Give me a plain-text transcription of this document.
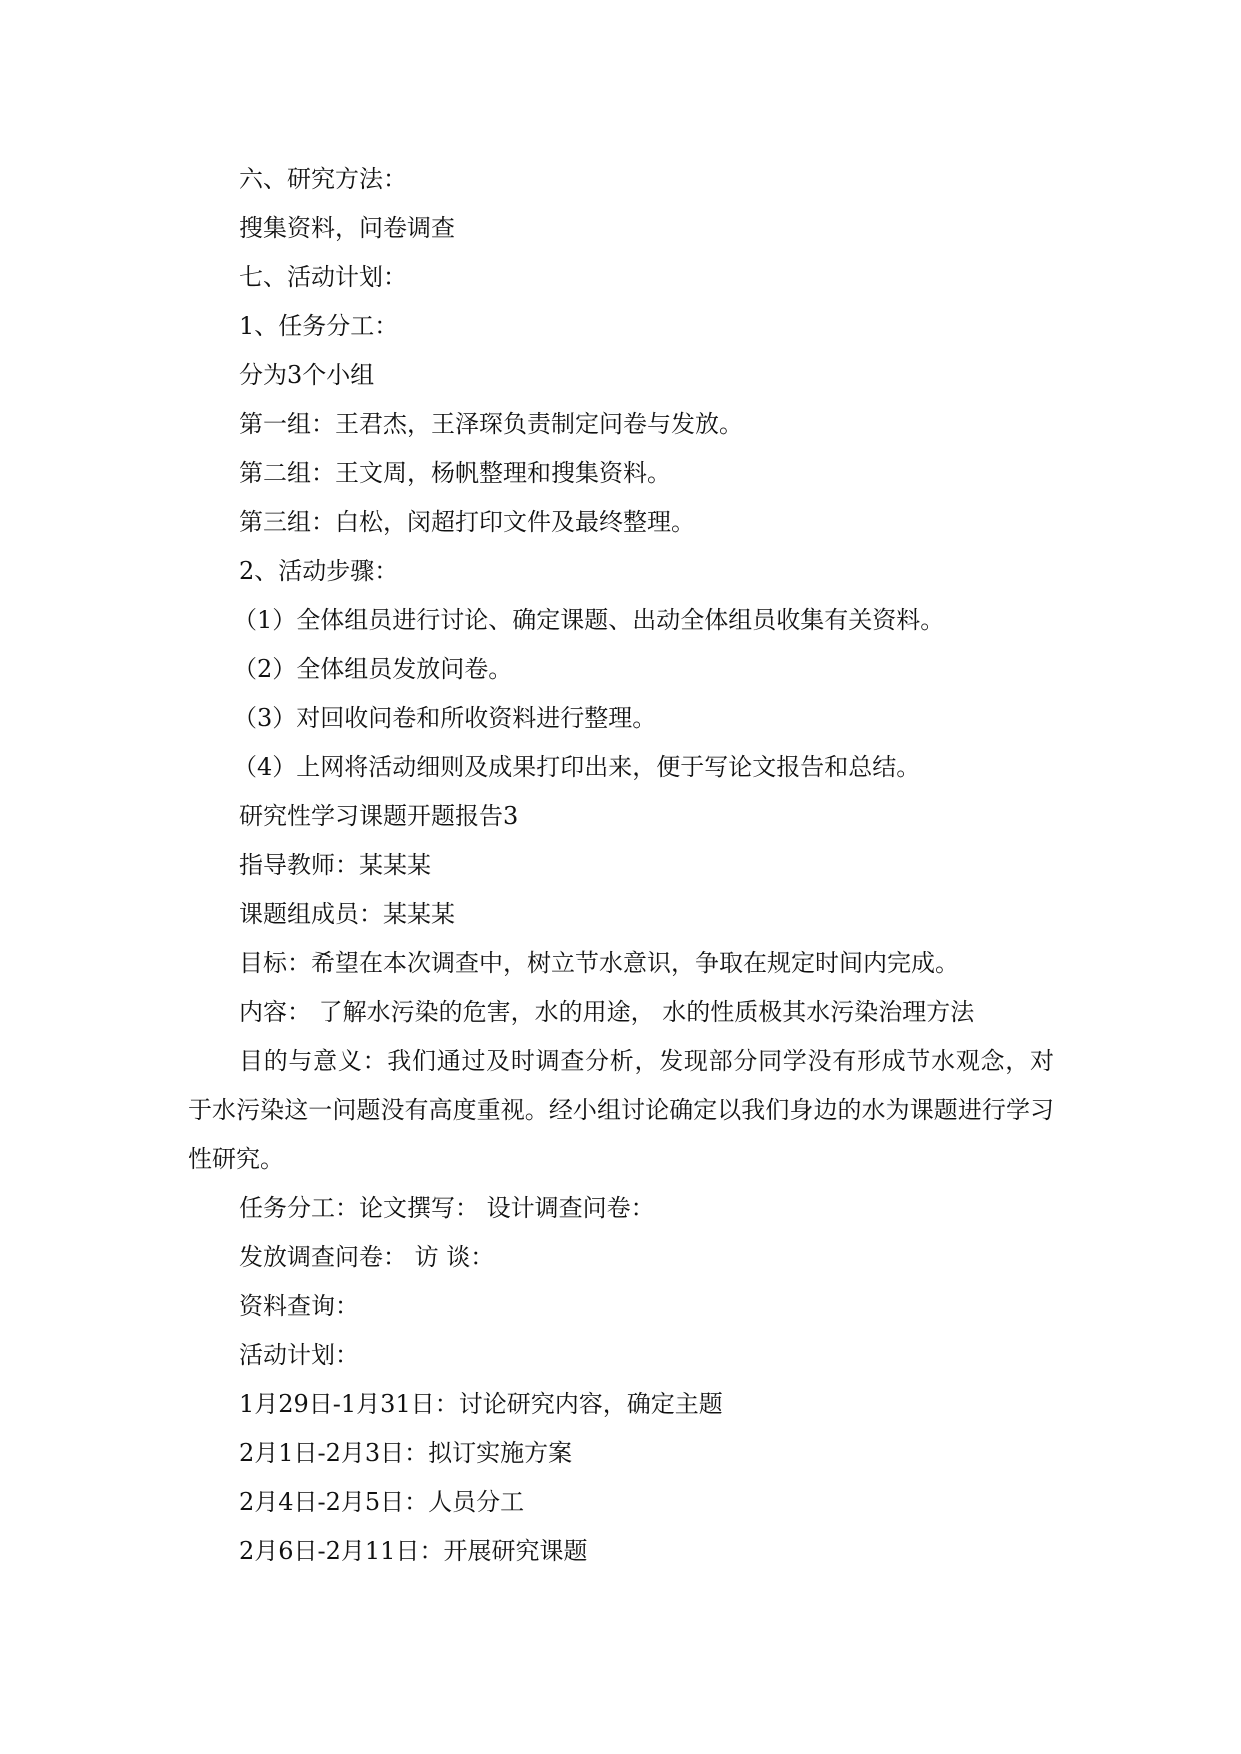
六、研究方法：

搜集资料，问卷调查

七、活动计划：

1、任务分工：

分为3个小组

第一组：王君杰，王泽琛负责制定问卷与发放。

第二组：王文周，杨帆整理和搜集资料。

第三组：白松，闵超打印文件及最终整理。

2、活动步骤：

（1）全体组员进行讨论、确定课题、出动全体组员收集有关资料。

（2）全体组员发放问卷。

（3）对回收问卷和所收资料进行整理。

（4）上网将活动细则及成果打印出来，便于写论文报告和总结。

研究性学习课题开题报告3

指导教师：某某某

课题组成员：某某某

目标：希望在本次调查中，树立节水意识，争取在规定时间内完成。

内容： 了解水污染的危害，水的用途， 水的性质极其水污染治理方法

目的与意义：我们通过及时调查分析，发现部分同学没有形成节水观念，对于水污染这一问题没有高度重视。经小组讨论确定以我们身边的水为课题进行学习性研究。

任务分工：论文撰写： 设计调查问卷：

发放调查问卷： 访 谈：

资料查询：

活动计划：

1月29日-1月31日：讨论研究内容，确定主题

2月1日-2月3日：拟订实施方案

2月4日-2月5日：人员分工

2月6日-2月11日：开展研究课题
